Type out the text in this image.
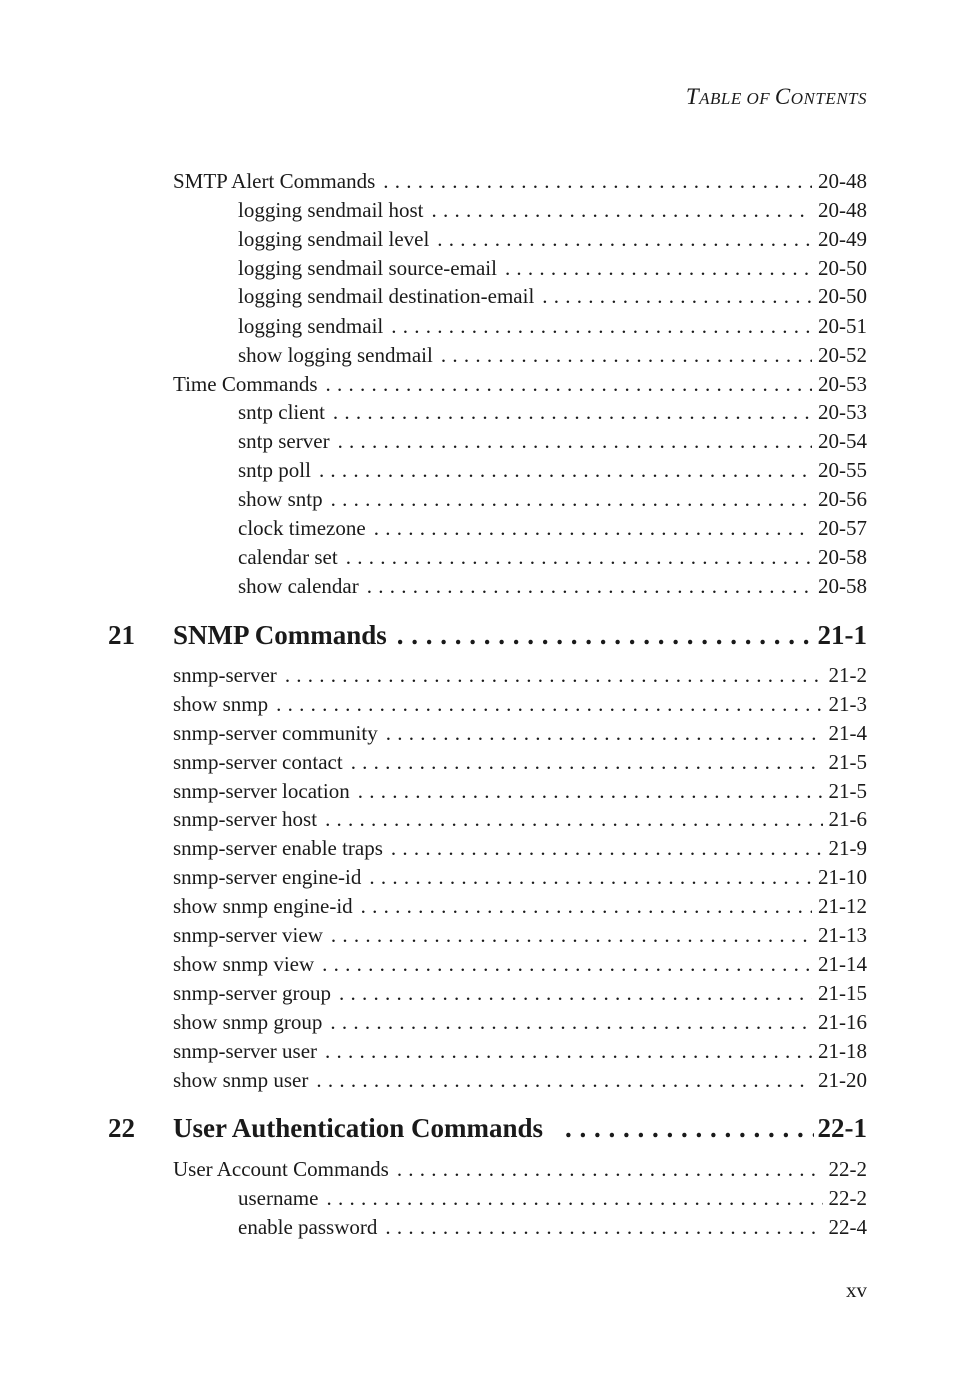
TABLE OF CONTENTS
SMTP Alert Commands . . .	20-48
logging sendmail host . . .	20-48
logging sendmail level . . .	20-49
logging sendmail source-email . . .	20-50
logging sendmail destination-email . . .	20-50
logging sendmail . . .	20-51
show logging sendmail . . .	20-52
Time Commands . . .	20-53
sntp client . . .	20-53
sntp server . . .	20-54
sntp poll . . .	20-55
show sntp . . .	20-56
clock timezone . . .	20-57
calendar set . . .	20-58
show calendar . . .	20-58
21	SNMP Commands . . .	21-1
snmp-server . . .	21-2
show snmp . . .	21-3
snmp-server community . . .	21-4
snmp-server contact . . .	21-5
snmp-server location . . .	21-5
snmp-server host . . .	21-6
snmp-server enable traps . . .	21-9
snmp-server engine-id . . .	21-10
show snmp engine-id . . .	21-12
snmp-server view . . .	21-13
show snmp view . . .	21-14
snmp-server group . . .	21-15
show snmp group . . .	21-16
snmp-server user . . .	21-18
show snmp user . . .	21-20
22	User Authentication Commands . . .	22-1
User Account Commands . . .	22-2
username . . .	22-2
enable password . . .	22-4
xv
